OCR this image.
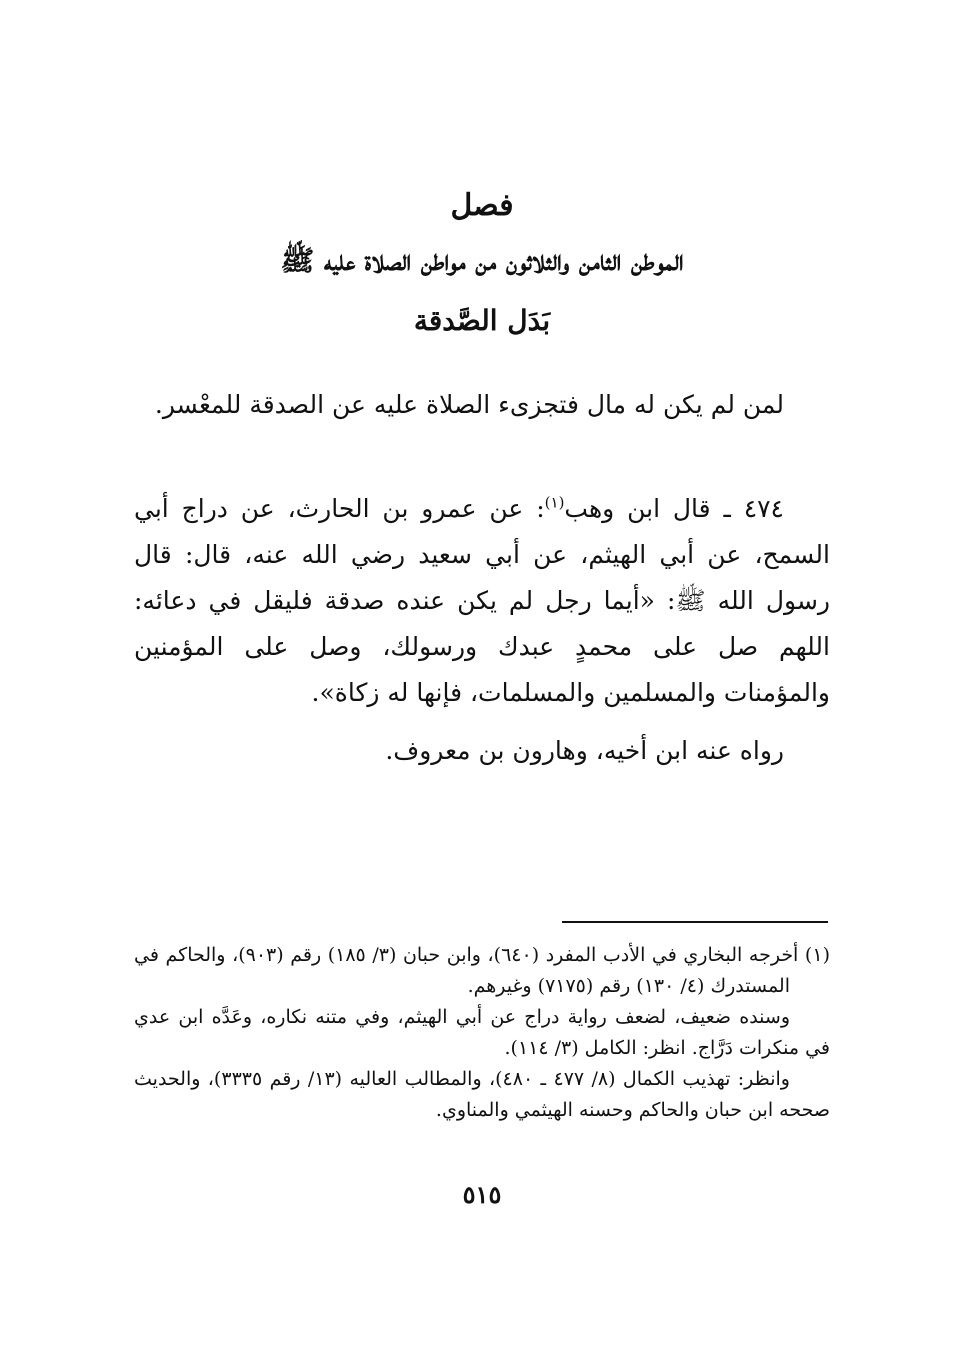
فصل
الموطن الثامن والثلاثون من مواطن الصلاة عليه ﷺ
بَدَل الصَّدقة

لمن لم يكن له مال فتجزىء الصلاة عليه عن الصدقة للمعْسر.

٤٧٤ ـ قال ابن وهب$^{(١)}$: عن عمرو بن الحارث، عن دراج أبي السمح، عن أبي الهيثم، عن أبي سعيد رضي الله عنه، قال: قال رسول الله ﷺ: «أيما رجل لم يكن عنده صدقة فليقل في دعائه: اللهم صل على محمدٍ عبدك ورسولك، وصل على المؤمنين والمؤمنات والمسلمين والمسلمات، فإنها له زكاة».

رواه عنه ابن أخيه، وهارون بن معروف.

(١) أخرجه البخاري في الأدب المفرد (٦٤٠)، وابن حبان (٣/ ١٨٥) رقم (٩٠٣)، والحاكم في المستدرك (٤/ ١٣٠) رقم (٧١٧٥) وغيرهم.

وسنده ضعيف، لضعف رواية دراج عن أبي الهيثم، وفي متنه نكاره، وعَدَّه ابن عدي في منكرات دَرَّاج. انظر: الكامل (٣/ ١١٤).

وانظر: تهذيب الكمال (٨/ ٤٧٧ ـ ٤٨٠)، والمطالب العاليه (١٣/ رقم ٣٣٣٥)، والحديث صححه ابن حبان والحاكم وحسنه الهيثمي والمناوي.

٥١٥
